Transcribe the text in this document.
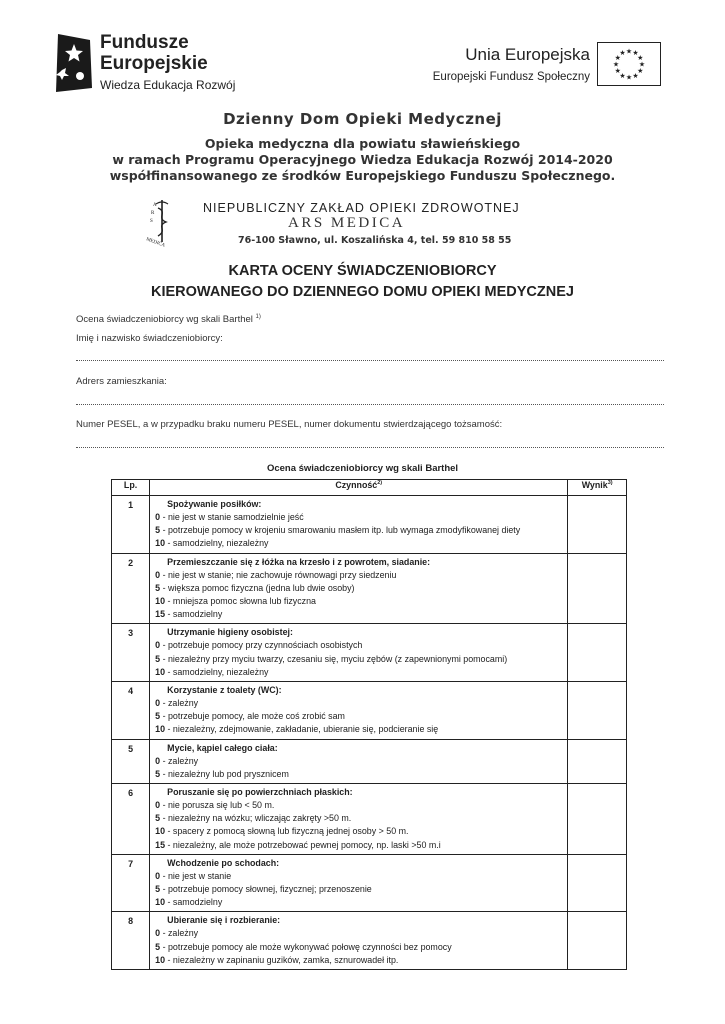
Fundusze
Europejskie
Wiedza Edukacja Rozwój
Unia Europejska
Europejski Fundusz Społeczny
★ ★
★
★
★
★
★
★
★
★
★
★
Dzienny Dom Opieki Medycznej
Opieka medyczna dla powiatu sławieńskiego
w ramach Programu Operacyjnego Wiedza Edukacja Rozwój 2014-2020
współfinansowanego ze środków Europejskiego Funduszu Społecznego.
A
R
S
MEDICA
NIEPUBLICZNY ZAKŁAD OPIEKI ZDROWOTNEJ
ARS MEDICA
76-100 Sławno, ul. Koszalińska 4, tel. 59 810 58 55
KARTA OCENY ŚWIADCZENIOBIORCY
KIEROWANEGO DO DZIENNEGO DOMU OPIEKI MEDYCZNEJ
Ocena świadczeniobiorcy wg skali Barthel $^{1)}$
Imię i nazwisko świadczeniobiorcy:
Adrers zamieszkania:
Numer PESEL, a w przypadku braku numeru PESEL, numer dokumentu stwierdzającego tożsamość:
Ocena świadczeniobiorcy wg skali Barthel
Lp.	Czynność$^{2)}$	Wynik$^{3)}$
1	Spożywanie posiłków:
0 - nie jest w stanie samodzielnie jeść
5 - potrzebuje pomocy w krojeniu smarowaniu masłem itp. lub wymaga zmodyfikowanej diety
10 - samodzielny, niezależny	

2	Przemieszczanie się z łóżka na krzesło i z powrotem, siadanie:
0 - nie jest w stanie; nie zachowuje równowagi przy siedzeniu
5 - większa pomoc fizyczna (jedna lub dwie osoby)
10 - mniejsza pomoc słowna lub fizyczna
15 - samodzielny	

3	Utrzymanie higieny osobistej:
0 - potrzebuje pomocy przy czynnościach osobistych
5 - niezależny przy myciu twarzy, czesaniu się, myciu zębów (z zapewnionymi pomocami)
10 - samodzielny, niezależny	

4	Korzystanie z toalety (WC):
0 - zależny
5 - potrzebuje pomocy, ale może coś zrobić sam
10 - niezależny, zdejmowanie, zakładanie, ubieranie się, podcieranie się	

5	Mycie, kąpiel całego ciała:
0 - zależny
5 - niezależny lub pod prysznicem	

6	Poruszanie się po powierzchniach płaskich:
0 - nie porusza się lub < 50 m.
5 - niezależny na wózku; wliczając zakręty >50 m.
10 - spacery z pomocą słowną lub fizyczną jednej osoby > 50 m.
15 - niezależny, ale może potrzebować pewnej pomocy, np. laski >50 m.i	

7	Wchodzenie po schodach:
0 - nie jest w stanie
5 - potrzebuje pomocy słownej, fizycznej; przenoszenie
10 - samodzielny	

8	Ubieranie się i rozbieranie:
0 - zależny
5 - potrzebuje pomocy ale może wykonywać połowę czynności bez pomocy
10 - niezależny w zapinaniu guzików, zamka, sznurowadeł itp.	
